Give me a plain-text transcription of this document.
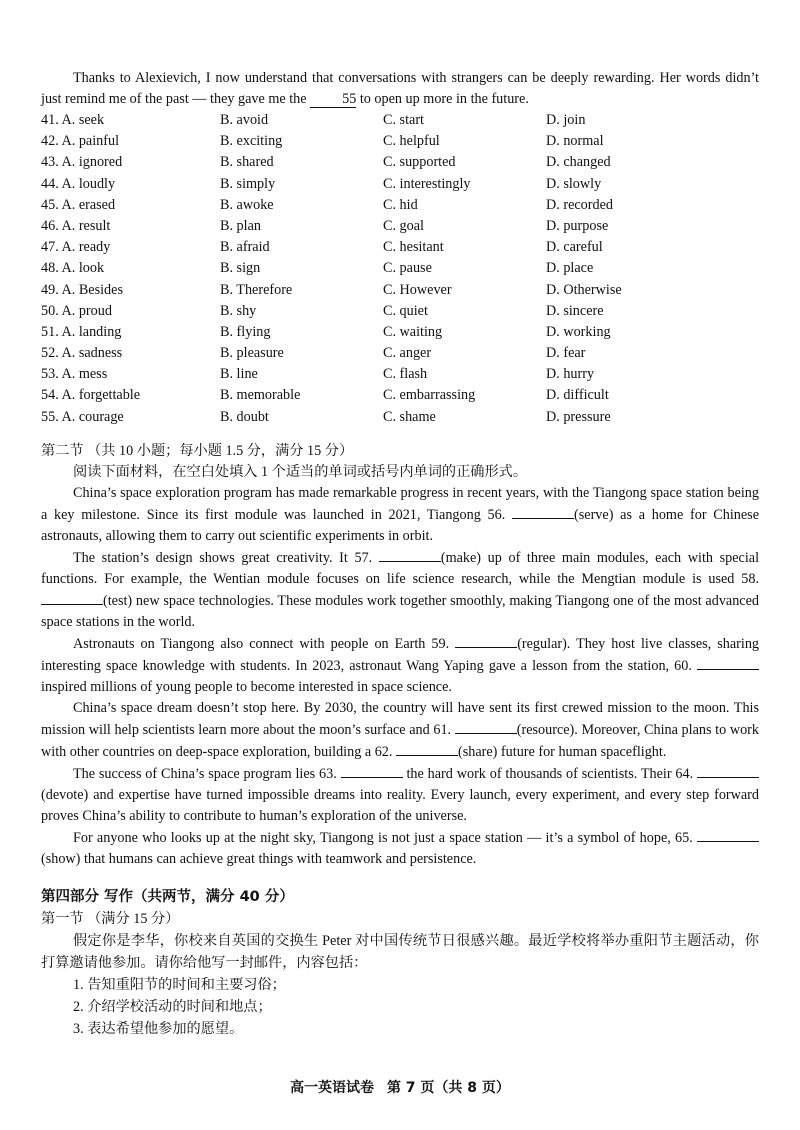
Thanks to Alexievich, I now understand that conversations with strangers can be deeply rewarding. Her words didn’t just remind me of the past — they gave me the	55 to open up more in the future.

41. A. seek	B. avoid	C. start	D. join
42. A. painful	B. exciting	C. helpful	D. normal
43. A. ignored	B. shared	C. supported	D. changed
44. A. loudly	B. simply	C. interestingly	D. slowly
45. A. erased	B. awoke	C. hid	D. recorded
46. A. result	B. plan	C. goal	D. purpose
47. A. ready	B. afraid	C. hesitant	D. careful
48. A. look	B. sign	C. pause	D. place
49. A. Besides	B. Therefore	C. However	D. Otherwise
50. A. proud	B. shy	C. quiet	D. sincere
51. A. landing	B. flying	C. waiting	D. working
52. A. sadness	B. pleasure	C. anger	D. fear
53. A. mess	B. line	C. flash	D. hurry
54. A. forgettable	B. memorable	C. embarrassing	D. difficult
55. A. courage	B. doubt	C. shame	D. pressure
第二节 （共 10 小题；每小题 1.5 分，满分 15 分）

阅读下面材料，在空白处填入 1 个适当的单词或括号内单词的正确形式。

China’s space exploration program has made remarkable progress in recent years, with the Tiangong space station being a key milestone. Since its first module was launched in 2021, Tiangong 56.	(serve) as a home for Chinese astronauts, allowing them to carry out scientific experiments in orbit.

The station’s design shows great creativity. It 57.	(make) up of three main modules, each with special functions. For example, the Wentian module focuses on life science research, while the Mengtian module is used 58. (test) new space technologies. These modules work together smoothly, making Tiangong one of the most advanced space stations in the world.

Astronauts on Tiangong also connect with people on Earth 59.	(regular). They host live classes, sharing interesting space knowledge with students. In 2023, astronaut Wang Yaping gave a lesson from the station, 60.  inspired millions of young people to become interested in space science.

China’s space dream doesn’t stop here. By 2030, the country will have sent its first crewed mission to the moon. This mission will help scientists learn more about the moon’s surface and 61.	(resource). Moreover, China plans to work with other countries on deep-space exploration, building a 62.	(share) future for human spaceflight.

The success of China’s space program lies 63.	the hard work of thousands of scientists. Their 64. (devote) and expertise have turned impossible dreams into reality. Every launch, every experiment, and every step forward proves China’s ability to contribute to human’s exploration of the universe.

For anyone who looks up at the night sky, Tiangong is not just a space station — it’s a symbol of hope, 65. (show) that humans can achieve great things with teamwork and persistence.

第四部分 写作（共两节，满分 40 分）
第一节 （满分 15 分）

假定你是李华，你校来自英国的交换生 Peter 对中国传统节日很感兴趣。最近学校将举办重阳节主题活动，你打算邀请他参加。请你给他写一封邮件，内容包括：

1. 告知重阳节的时间和主要习俗；
2. 介绍学校活动的时间和地点；
3. 表达希望他参加的愿望。
高一英语试卷 第 7 页（共 8 页）
